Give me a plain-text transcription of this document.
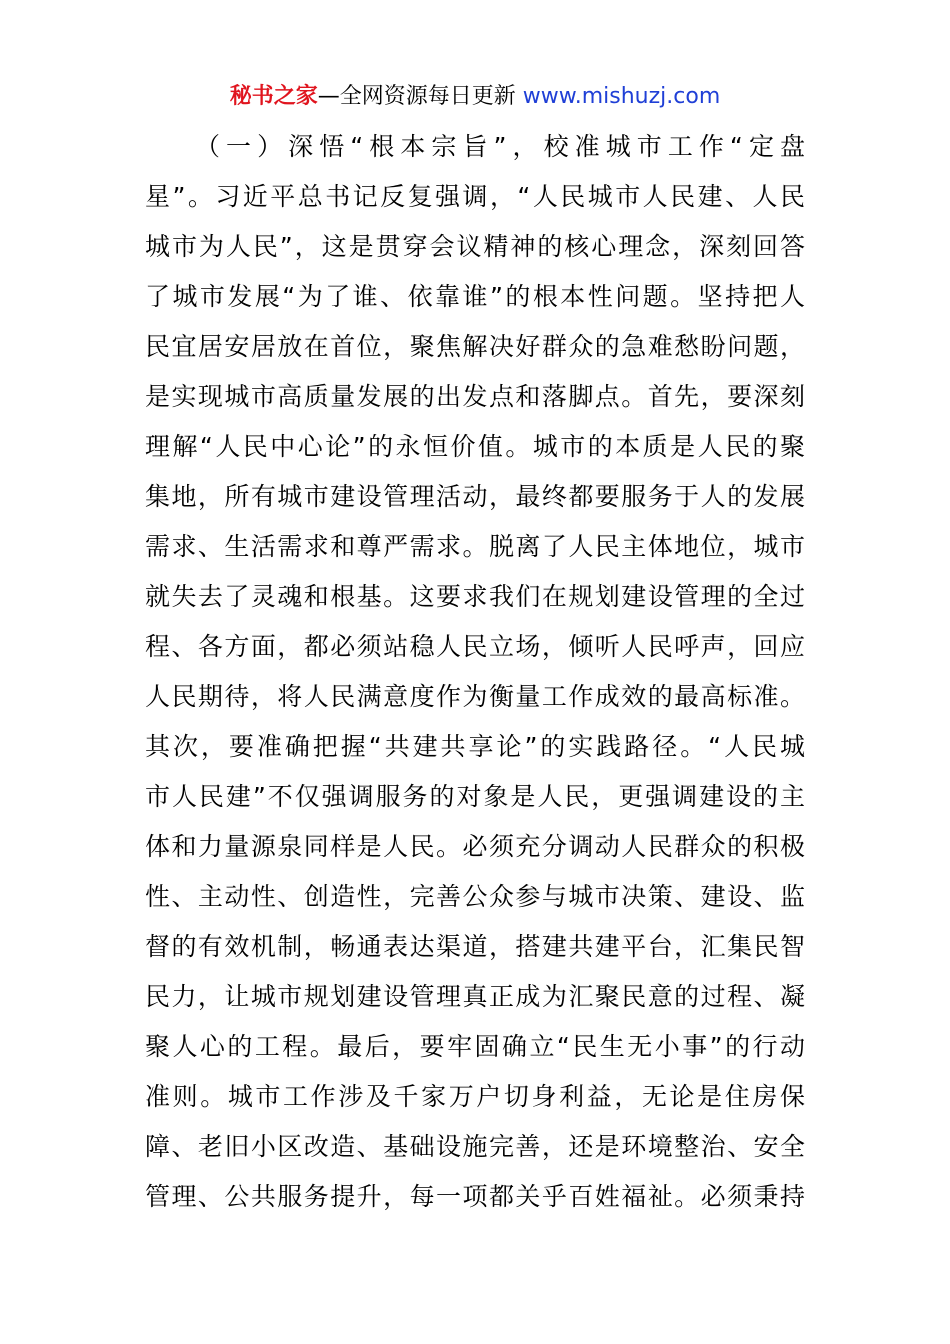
秘书之家—全网资源每日更新 www.mishuzj.com
（一）深悟“根本宗旨”，校准城市工作“定盘
星”。习近平总书记反复强调，“人民城市人民建、人民
城市为人民”，这是贯穿会议精神的核心理念，深刻回答
了城市发展“为了谁、依靠谁”的根本性问题。坚持把人
民宜居安居放在首位，聚焦解决好群众的急难愁盼问题，
是实现城市高质量发展的出发点和落脚点。首先，要深刻
理解“人民中心论”的永恒价值。城市的本质是人民的聚
集地，所有城市建设管理活动，最终都要服务于人的发展
需求、生活需求和尊严需求。脱离了人民主体地位，城市
就失去了灵魂和根基。这要求我们在规划建设管理的全过
程、各方面，都必须站稳人民立场，倾听人民呼声，回应
人民期待，将人民满意度作为衡量工作成效的最高标准。
其次，要准确把握“共建共享论”的实践路径。“人民城
市人民建”不仅强调服务的对象是人民，更强调建设的主
体和力量源泉同样是人民。必须充分调动人民群众的积极
性、主动性、创造性，完善公众参与城市决策、建设、监
督的有效机制，畅通表达渠道，搭建共建平台，汇集民智
民力，让城市规划建设管理真正成为汇聚民意的过程、凝
聚人心的工程。最后，要牢固确立“民生无小事”的行动
准则。城市工作涉及千家万户切身利益，无论是住房保
障、老旧小区改造、基础设施完善，还是环境整治、安全
管理、公共服务提升，每一项都关乎百姓福祉。必须秉持
